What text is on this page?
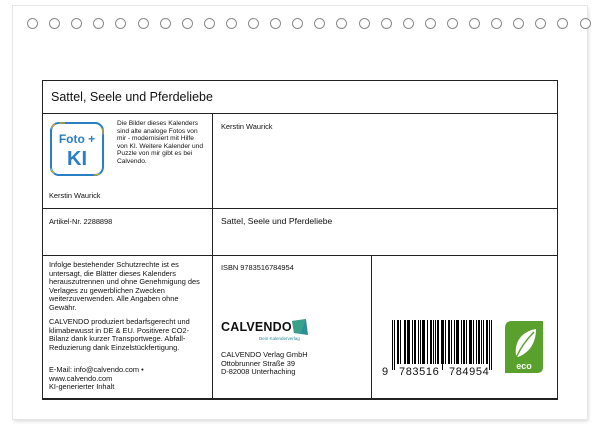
Sattel, Seele und Pferdeliebe
Foto +
KI
Die Bilder dieses Kalenders
sind alte analoge Fotos von
mir - modernisiert mit Hilfe
von KI. Weitere Kalender und
Puzzle von mir gibt es bei
Calvendo.
Kerstin Waurick
Kerstin Waurick
Artikel-Nr. 2288898	Sattel, Seele und Pferdeliebe
Infolge bestehender Schutzrechte ist es
untersagt, die Blätter dieses Kalenders
herauszutrennen und ohne Genehmigung des
Verlages zu gewerblichen Zwecken
weiterzuverwenden. Alle Angaben ohne
Gewähr.
CALVENDO produziert bedarfsgerecht und
klimabewusst in DE & EU. Positivere CO2-
Bilanz dank kurzer Transportwege. Abfall-
Reduzierung dank Einzelstückfertigung.
E-Mail: info@calvendo.com •
www.calvendo.com
KI-generierter Inhalt
ISBN 9783516784954
CALVENDO
Dein Kalenderverlag
CALVENDO Verlag GmbH
Ottobrunner Straße 39
D-82008 Unterhaching	9 783516 784954	eco
